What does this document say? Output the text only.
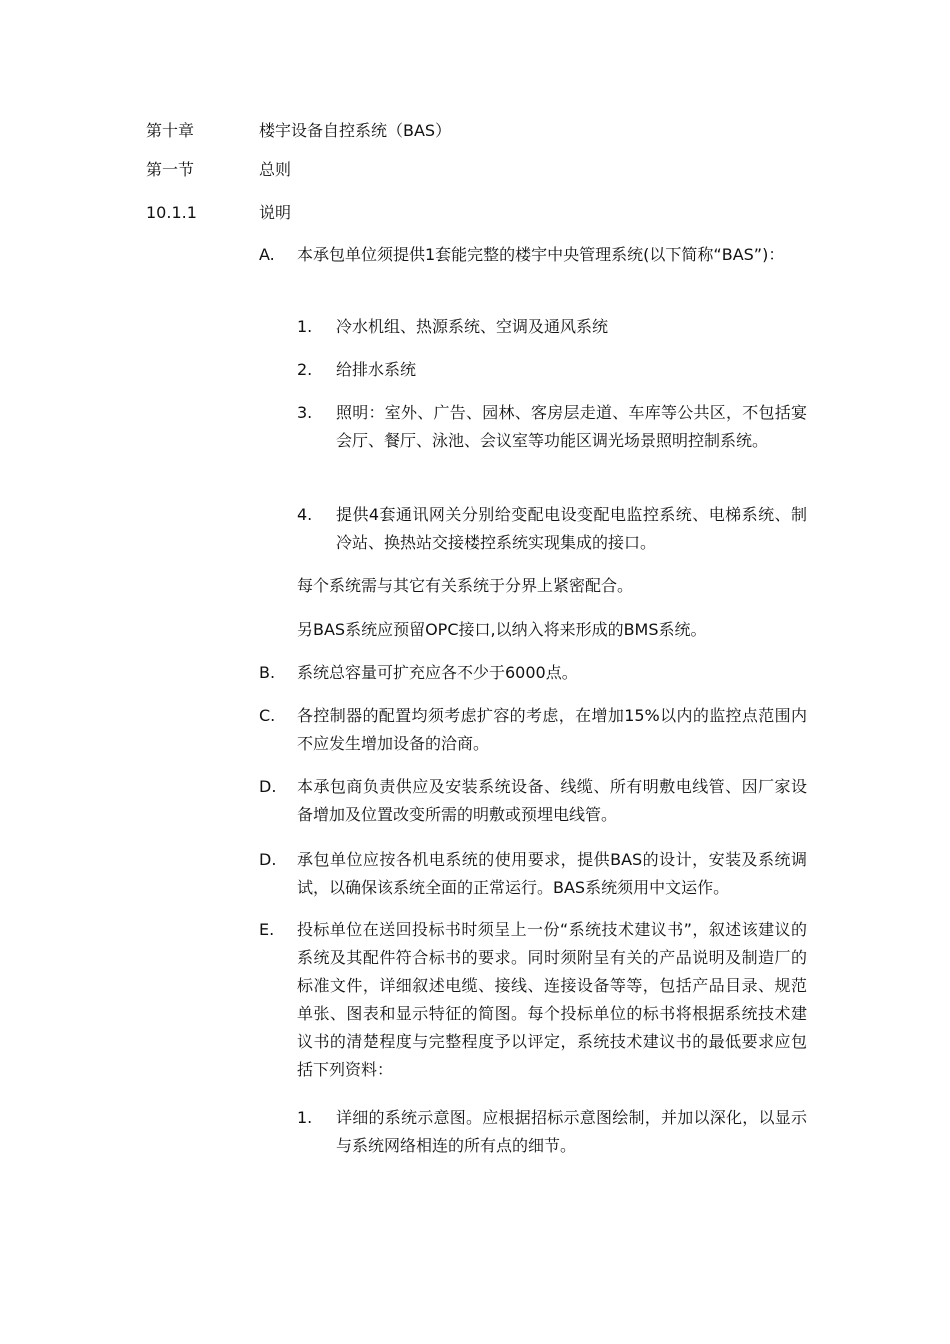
第十章	楼宇设备自控系统（BAS）
第一节	总则
10.1.1	说明
A. 本承包单位须提供1套能完整的楼宇中央管理系统(以下简称“BAS”)：
1. 冷水机组、热源系统、空调及通风系统
2. 给排水系统
3. 照明：室外、广告、园林、客房层走道、车库等公共区，不包括宴会厅、餐厅、泳池、会议室等功能区调光场景照明控制系统。
4. 提供4套通讯网关分别给变配电设变配电监控系统、电梯系统、制冷站、换热站交接楼控系统实现集成的接口。
每个系统需与其它有关系统于分界上紧密配合。
另BAS系统应预留OPC接口,以纳入将来形成的BMS系统。
B. 系统总容量可扩充应各不少于6000点。
C. 各控制器的配置均须考虑扩容的考虑，在增加15%以内的监控点范围内不应发生增加设备的洽商。
D. 本承包商负责供应及安装系统设备、线缆、所有明敷电线管、因厂家设备增加及位置改变所需的明敷或预埋电线管。
D. 承包单位应按各机电系统的使用要求，提供BAS的设计，安装及系统调试，以确保该系统全面的正常运行。BAS系统须用中文运作。
E. 投标单位在送回投标书时须呈上一份“系统技术建议书”，叙述该建议的系统及其配件符合标书的要求。同时须附呈有关的产品说明及制造厂的标准文件，详细叙述电缆、接线、连接设备等等，包括产品目录、规范单张、图表和显示特征的简图。每个投标单位的标书将根据系统技术建议书的清楚程度与完整程度予以评定，系统技术建议书的最低要求应包括下列资料：
1. 详细的系统示意图。应根据招标示意图绘制，并加以深化，以显示与系统网络相连的所有点的细节。
